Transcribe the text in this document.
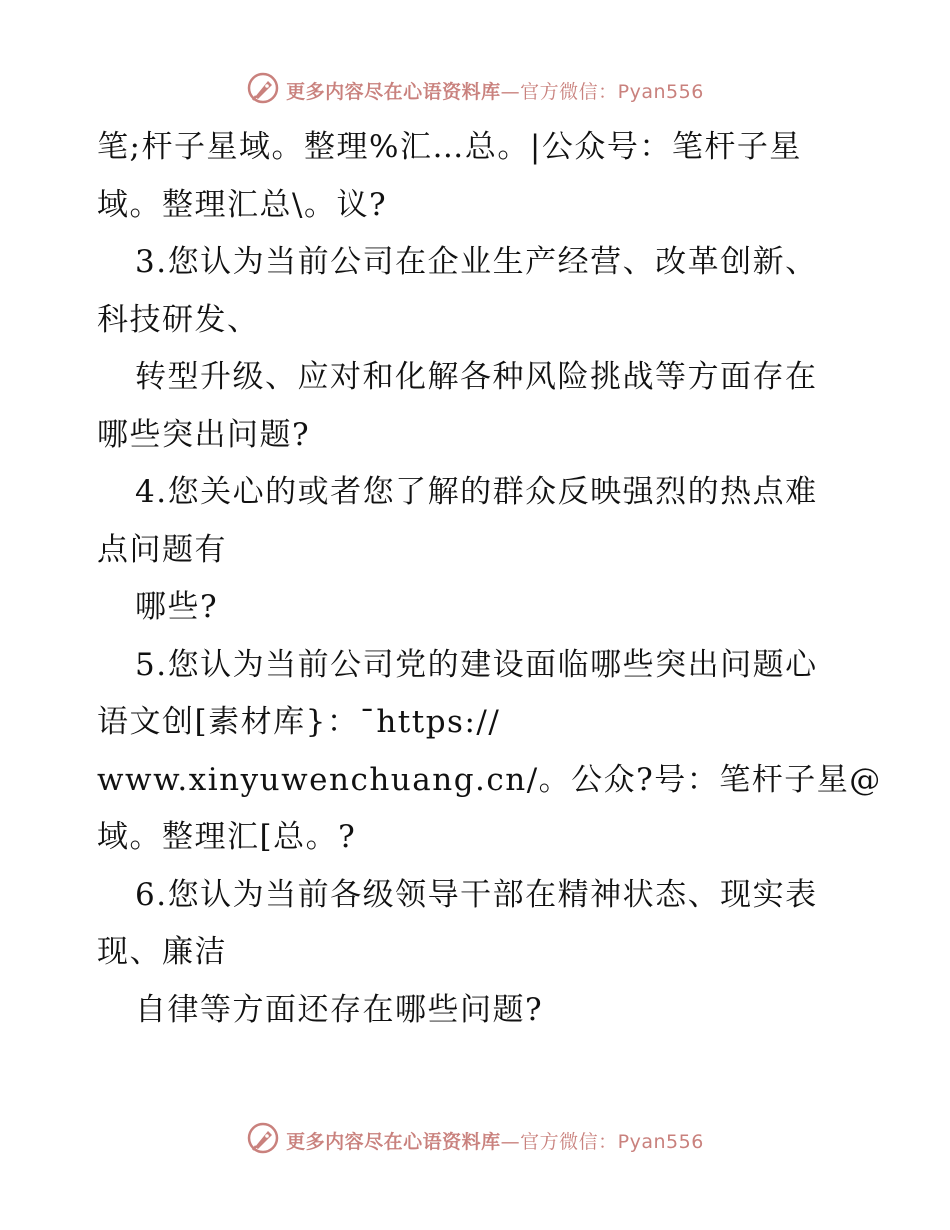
更多内容尽在心语资料库—官方微信：Pyan556
笔;杆子星域。整理%汇…总。|公众号：笔杆子星
域。整理汇总\。议?
3.您认为当前公司在企业生产经营、改革创新、
科技研发、
转型升级、应对和化解各种风险挑战等方面存在
哪些突出问题?
4.您关心的或者您了解的群众反映强烈的热点难
点问题有
哪些?
5.您认为当前公司党的建设面临哪些突出问题心
语文创[素材库}：¯https://
www.xinyuwenchuang.cn/。公众?号：笔杆子星@
域。整理汇[总。?
6.您认为当前各级领导干部在精神状态、现实表
现、廉洁
自律等方面还存在哪些问题?
更多内容尽在心语资料库—官方微信：Pyan556
